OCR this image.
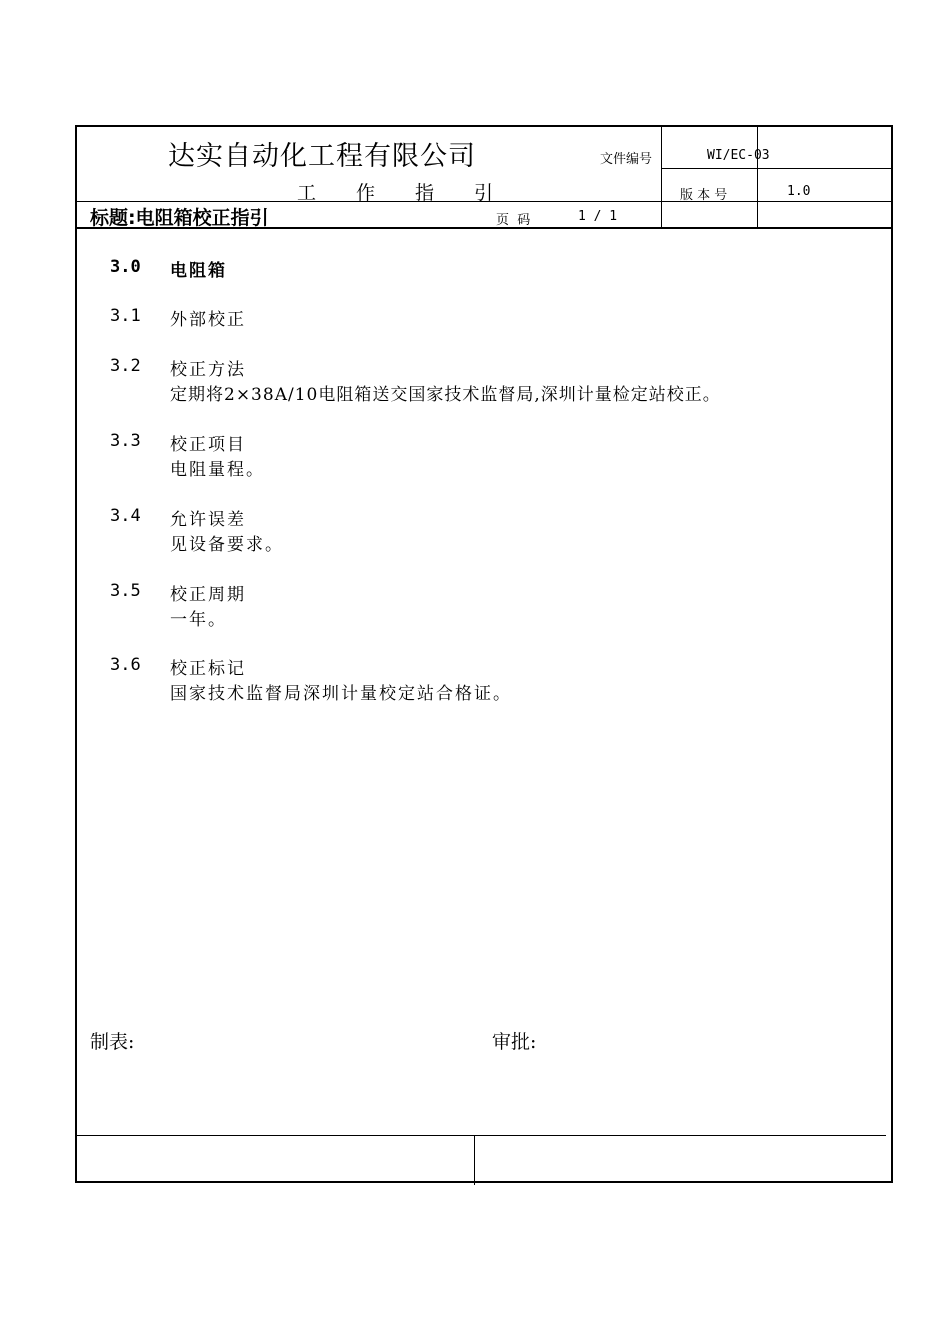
达实自动化工程有限公司
工 作 指 引
文件编号	WI/EC-03
版 本 号	1.0
标题:电阻箱校正指引	页  码	1 / 1
3.0 电阻箱
3.1 外部校正
3.2 校正方法
定期将2×38A/10电阻箱送交国家技术监督局,深圳计量检定站校正。
3.3 校正项目
电阻量程。
3.4 允许误差
见设备要求。
3.5 校正周期
一年。
3.6 校正标记
国家技术监督局深圳计量校定站合格证。
制表:	审批:
